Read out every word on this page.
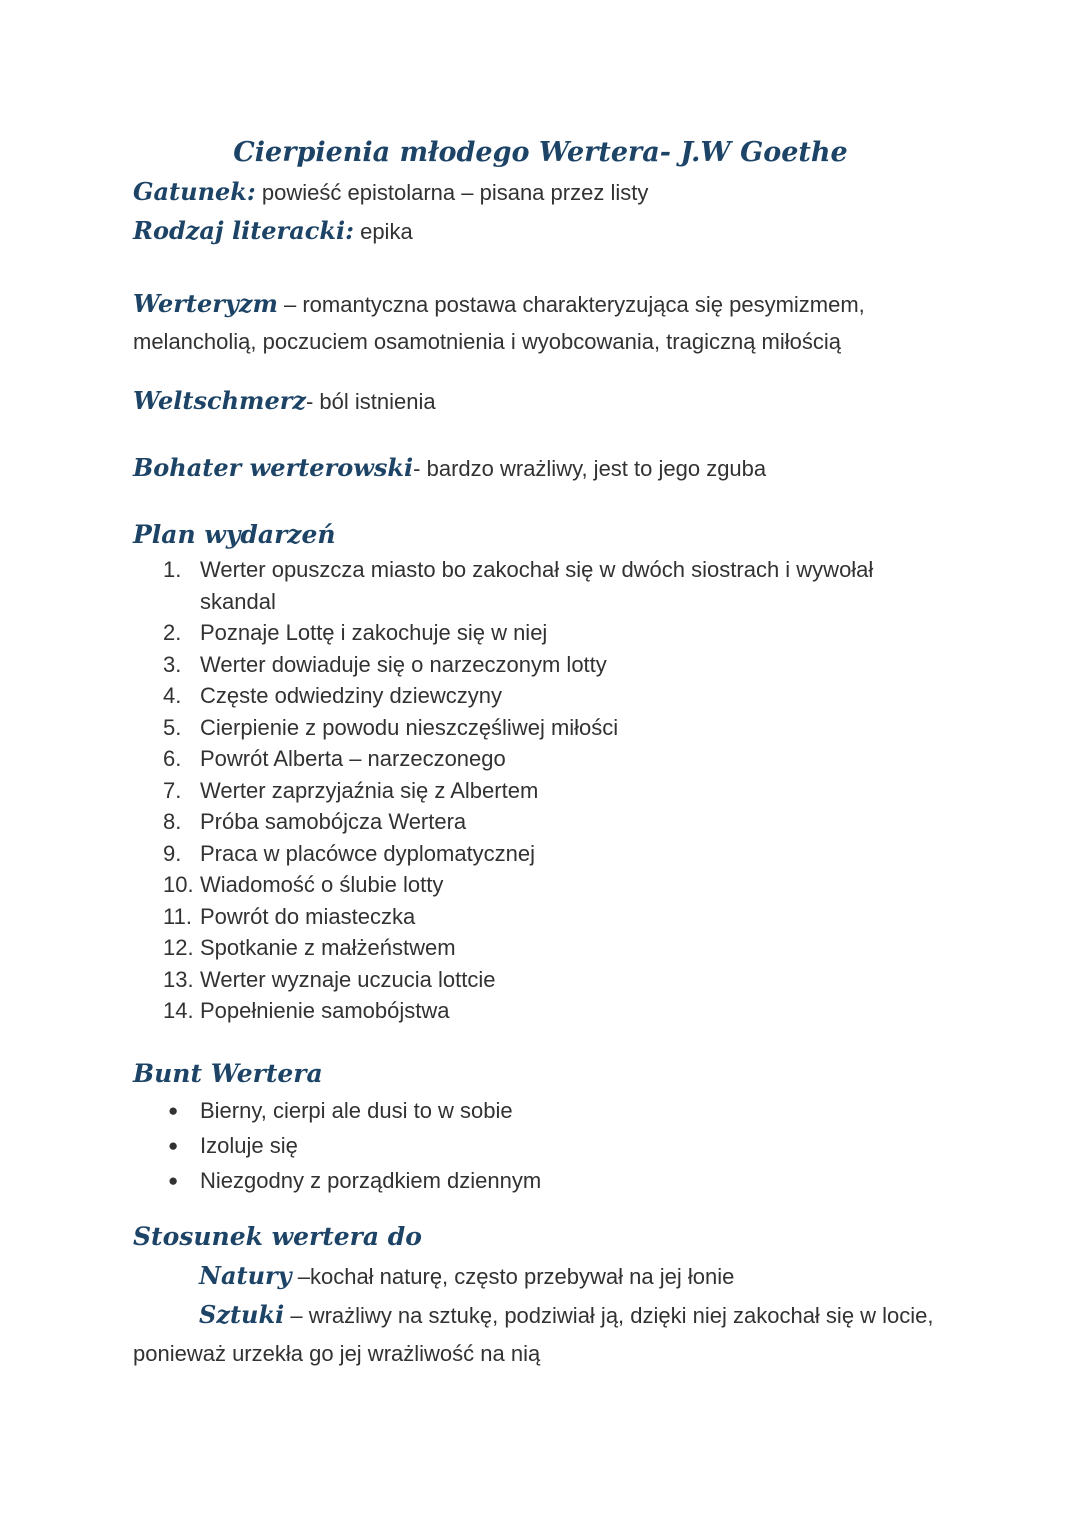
Cierpienia młodego Wertera- J.W Goethe

Gatunek: powieść epistolarna – pisana przez listy

Rodzaj literacki: epika

Werteryzm – romantyczna postawa charakteryzująca się pesymizmem, melancholią, poczuciem osamotnienia i wyobcowania, tragiczną miłością

Weltschmerz- ból istnienia

Bohater werterowski- bardzo wrażliwy, jest to jego zguba

Plan wydarzeń
1. Werter opuszcza miasto bo zakochał się w dwóch siostrach i wywołał skandal
2. Poznaje Lottę i zakochuje się w niej
3. Werter dowiaduje się o narzeczonym lotty
4. Częste odwiedziny dziewczyny
5. Cierpienie z powodu nieszczęśliwej miłości
6. Powrót Alberta – narzeczonego
7. Werter zaprzyjaźnia się z Albertem
8. Próba samobójcza Wertera
9. Praca w placówce dyplomatycznej
10. Wiadomość o ślubie lotty
11. Powrót do miasteczka
12. Spotkanie z małżeństwem
13. Werter wyznaje uczucia lottcie
14. Popełnienie samobójstwa
Bunt Wertera
● Bierny, cierpi ale dusi to w sobie
● Izoluje się
● Niezgodny z porządkiem dziennym
Stosunek wertera do

Natury –kochał naturę, często przebywał na jej łonie

Sztuki – wrażliwy na sztukę, podziwiał ją, dzięki niej zakochał się w locie, ponieważ urzekła go jej wrażliwość na nią
